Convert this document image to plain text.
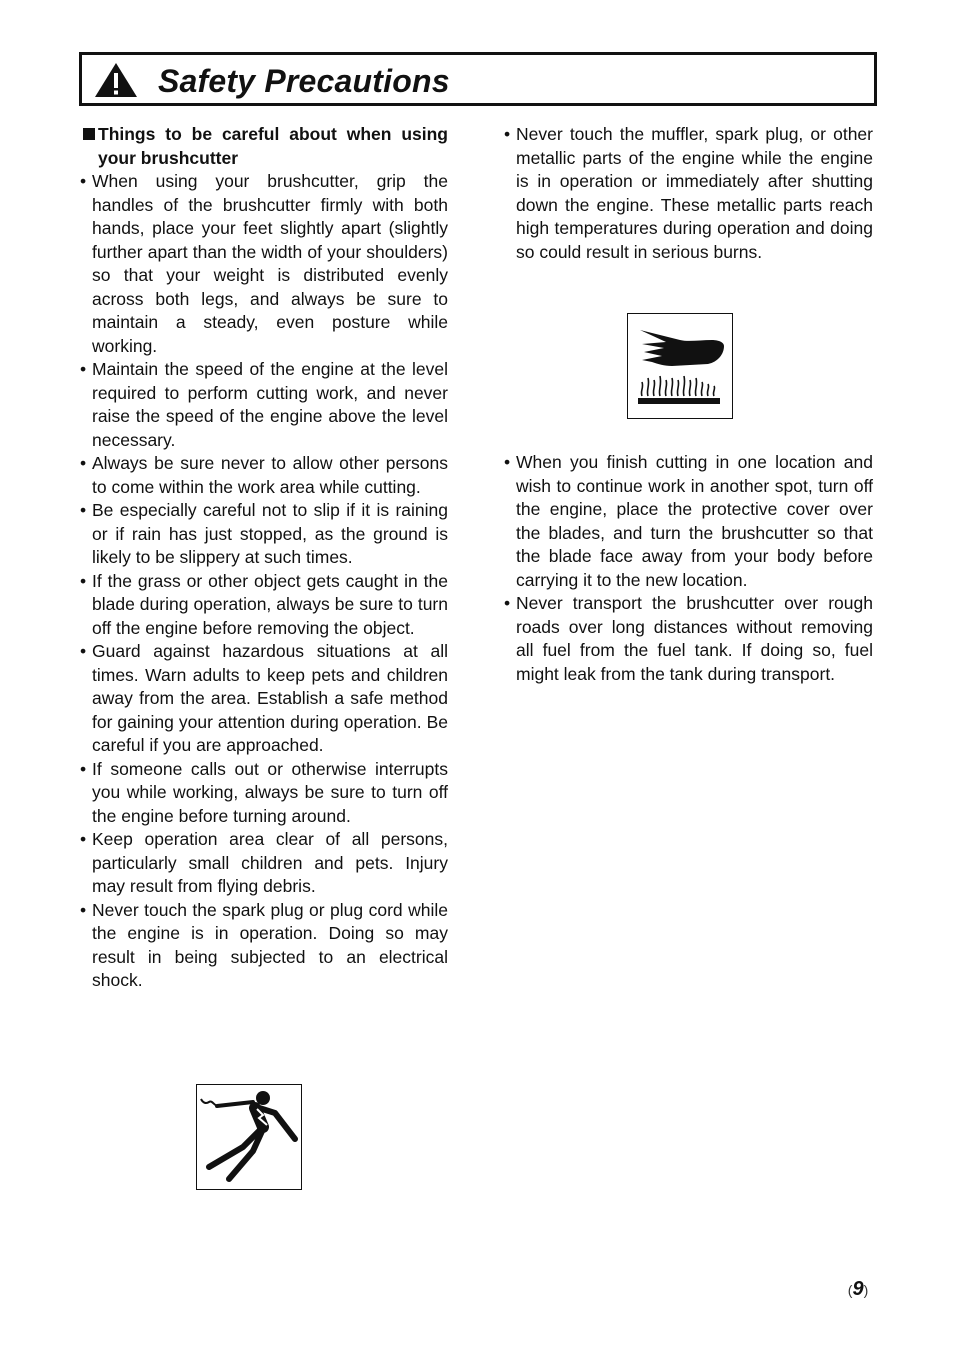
Safety Precautions
Things to be careful about when using your brushcutter
• When using your brushcutter, grip the handles of the brushcutter firmly with both hands, place your feet slightly apart (slightly further apart than the width of your shoulders) so that your weight is distributed evenly across both legs, and always be sure to maintain a steady, even posture while working.
• Maintain the speed of the engine at the level required to perform cutting work, and never raise the speed of the engine above the level necessary.
• Always be sure never to allow other persons to come within the work area while cutting.
• Be especially careful not to slip if it is raining or if rain has just stopped, as the ground is likely to be slippery at such times.
• If the grass or other object gets caught in the blade during operation, always be sure to turn off the engine before removing the object.
• Guard against hazardous situations at all times. Warn adults to keep pets and children away from the area. Establish a safe method for gaining your attention during operation. Be careful if you are approached.
• If someone calls out or otherwise interrupts you while working, always be sure to turn off the engine before turning around.
• Keep operation area clear of all persons, particularly small children and pets. Injury may result from flying debris.
• Never touch the spark plug or plug cord while the engine is in operation. Doing so may result in being subjected to an electrical shock.
• Never touch the muffler, spark plug, or other metallic parts of the engine while the engine is in operation or immediately after shutting down the engine. These metallic parts reach high temperatures during operation and doing so could result in serious burns.
• When you finish cutting in one location and wish to continue work in another spot, turn off the engine, place the protective cover over the blades, and turn the brushcutter so that the blade face away from your body before carrying it to the new location.
• Never transport the brushcutter over rough roads over long distances without removing all fuel from the fuel tank. If doing so, fuel might leak from the tank during transport.
(9)
